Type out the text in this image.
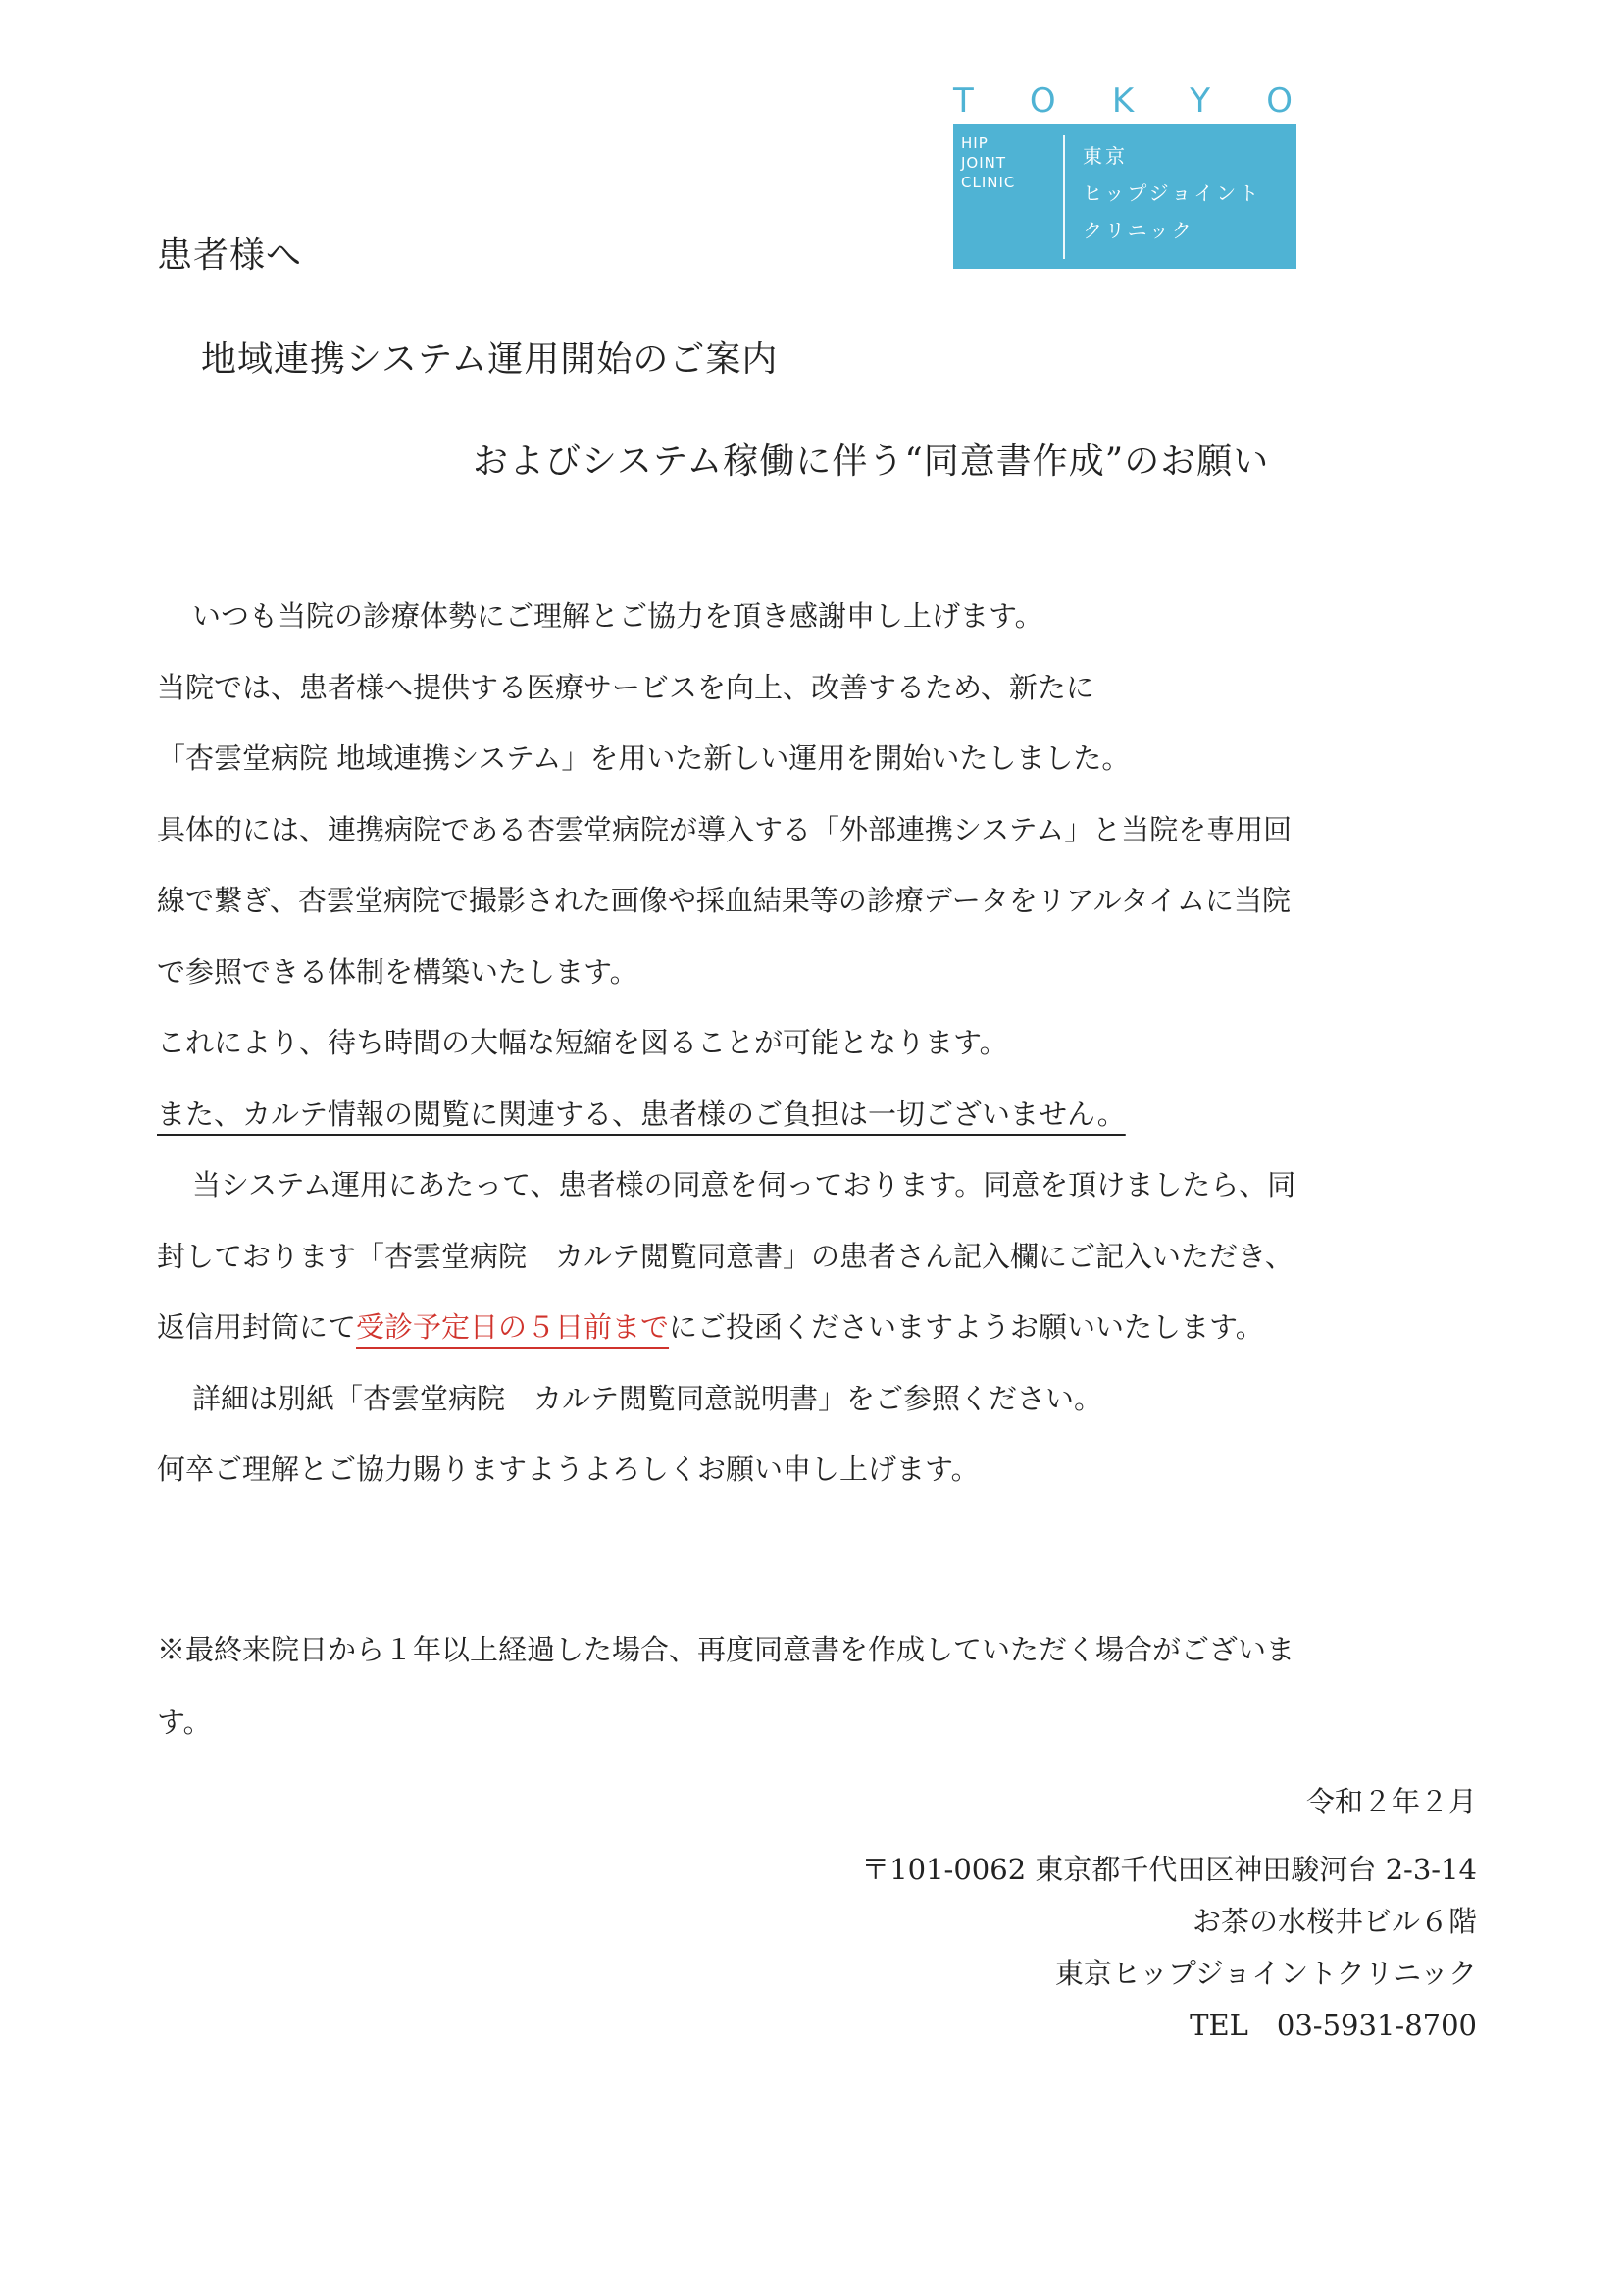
T O K Y O
HIP
JOINT
CLINIC
東京
ヒップジョイント
クリニック
患者様へ
地域連携システム運用開始のご案内
およびシステム稼働に伴う“同意書作成”のお願い
いつも当院の診療体勢にご理解とご協力を頂き感謝申し上げます。
当院では、患者様へ提供する医療サービスを向上、改善するため、新たに
「杏雲堂病院 地域連携システム」を用いた新しい運用を開始いたしました。
具体的には、連携病院である杏雲堂病院が導入する「外部連携システム」と当院を専用回
線で繋ぎ、杏雲堂病院で撮影された画像や採血結果等の診療データをリアルタイムに当院
で参照できる体制を構築いたします。
これにより、待ち時間の大幅な短縮を図ることが可能となります。
また、カルテ情報の閲覧に関連する、患者様のご負担は一切ございません。
当システム運用にあたって、患者様の同意を伺っております。同意を頂けましたら、同
封しております「杏雲堂病院　カルテ閲覧同意書」の患者さん記入欄にご記入いただき、
返信用封筒にて受診予定日の５日前までにご投函くださいますようお願いいたします。
詳細は別紙「杏雲堂病院　カルテ閲覧同意説明書」をご参照ください。
何卒ご理解とご協力賜りますようよろしくお願い申し上げます。
※最終来院日から１年以上経過した場合、再度同意書を作成していただく場合がございま
す。
令和２年２月
〒101-0062 東京都千代田区神田駿河台 2-3-14
お茶の水桜井ビル６階
東京ヒップジョイントクリニック
TEL　03-5931-8700
